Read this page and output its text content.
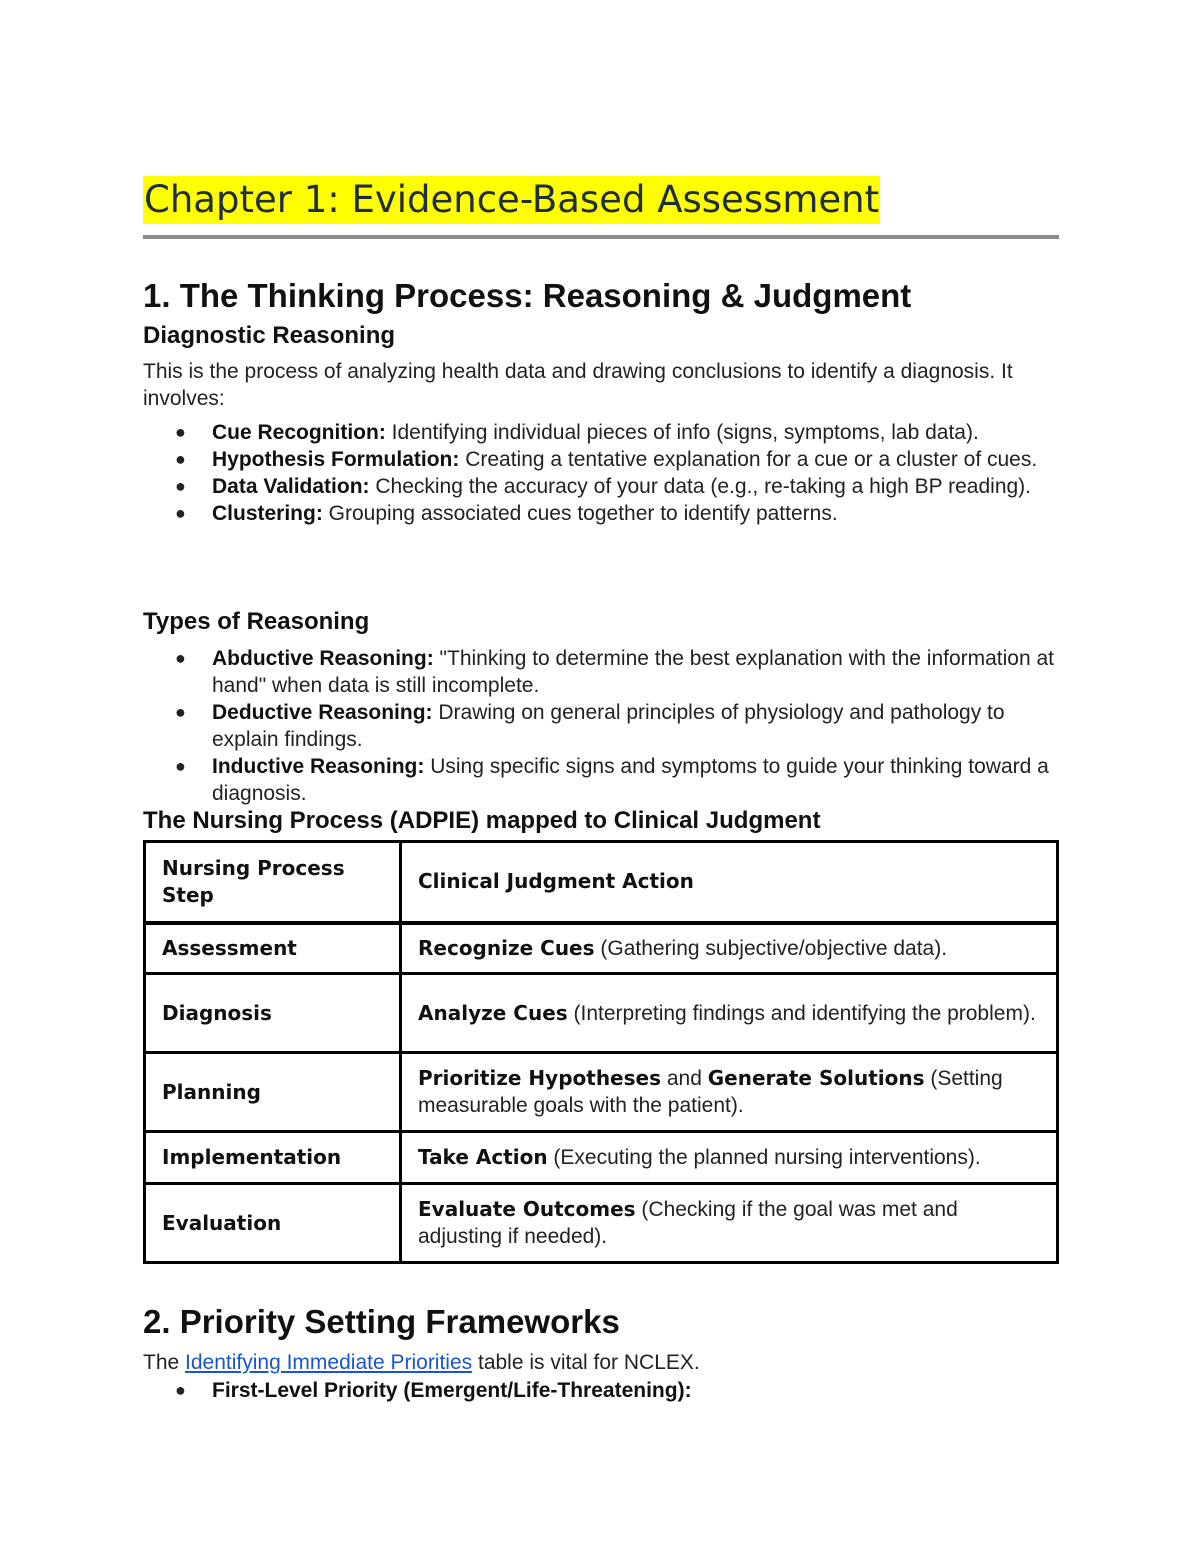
Chapter 1: Evidence-Based Assessment
1. The Thinking Process: Reasoning & Judgment
Diagnostic Reasoning

This is the process of analyzing health data and drawing conclusions to identify a diagnosis. It involves:

● Cue Recognition: Identifying individual pieces of info (signs, symptoms, lab data).
● Hypothesis Formulation: Creating a tentative explanation for a cue or a cluster of cues.
● Data Validation: Checking the accuracy of your data (e.g., re-taking a high BP reading).
● Clustering: Grouping associated cues together to identify patterns.
Types of Reasoning
● Abductive Reasoning: "Thinking to determine the best explanation with the information at hand" when data is still incomplete.
● Deductive Reasoning: Drawing on general principles of physiology and pathology to explain findings.
● Inductive Reasoning: Using specific signs and symptoms to guide your thinking toward a diagnosis.
The Nursing Process (ADPIE) mapped to Clinical Judgment
Nursing Process Step	Clinical Judgment Action
Assessment	Recognize Cues (Gathering subjective/objective data).
Diagnosis	Analyze Cues (Interpreting findings and identifying the problem).
Planning	Prioritize Hypotheses and Generate Solutions (Setting measurable goals with the patient).
Implementation	Take Action (Executing the planned nursing interventions).
Evaluation	Evaluate Outcomes (Checking if the goal was met and adjusting if needed).
2. Priority Setting Frameworks

The Identifying Immediate Priorities table is vital for NCLEX.

● First-Level Priority (Emergent/Life-Threatening):
